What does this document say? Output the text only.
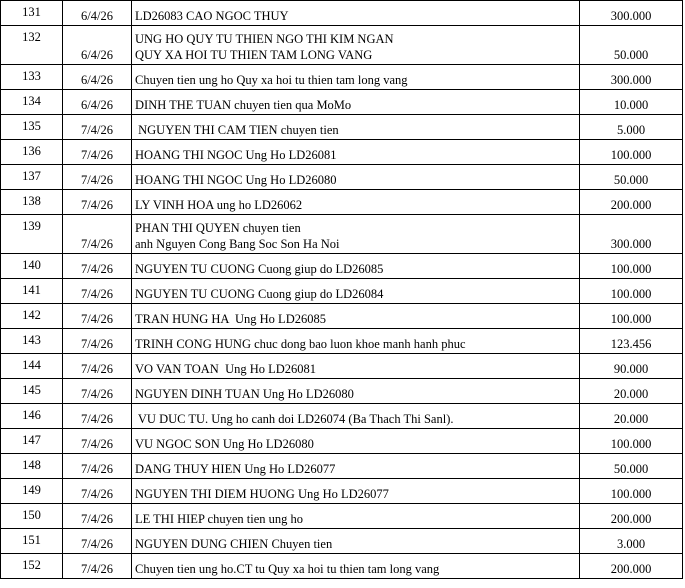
131	6/4/26	LD26083 CAO NGOC THUY	300.000
132	6/4/26	UNG HO QUY TU THIEN NGO THI KIM NGAN
QUY XA HOI TU THIEN TAM LONG VANG	50.000
133	6/4/26	Chuyen tien ung ho Quy xa hoi tu thien tam long vang	300.000
134	6/4/26	DINH THE TUAN chuyen tien qua MoMo	10.000
135	7/4/26	NGUYEN THI CAM TIEN chuyen tien	5.000
136	7/4/26	HOANG THI NGOC Ung Ho LD26081	100.000
137	7/4/26	HOANG THI NGOC Ung Ho LD26080	50.000
138	7/4/26	LY VINH HOA ung ho LD26062	200.000
139	7/4/26	PHAN THI QUYEN chuyen tien
anh Nguyen Cong Bang Soc Son Ha Noi	300.000
140	7/4/26	NGUYEN TU CUONG Cuong giup do LD26085	100.000
141	7/4/26	NGUYEN TU CUONG Cuong giup do LD26084	100.000
142	7/4/26	TRAN HUNG HA  Ung Ho LD26085	100.000
143	7/4/26	TRINH CONG HUNG chuc dong bao luon khoe manh hanh phuc	123.456
144	7/4/26	VO VAN TOAN  Ung Ho LD26081	90.000
145	7/4/26	NGUYEN DINH TUAN Ung Ho LD26080	20.000
146	7/4/26	VU DUC TU. Ung ho canh doi LD26074 (Ba Thach Thi Sanl).	20.000
147	7/4/26	VU NGOC SON Ung Ho LD26080	100.000
148	7/4/26	DANG THUY HIEN Ung Ho LD26077	50.000
149	7/4/26	NGUYEN THI DIEM HUONG Ung Ho LD26077	100.000
150	7/4/26	LE THI HIEP chuyen tien ung ho	200.000
151	7/4/26	NGUYEN DUNG CHIEN Chuyen tien	3.000
152	7/4/26	Chuyen tien ung ho.CT tu Quy xa hoi tu thien tam long vang	200.000
